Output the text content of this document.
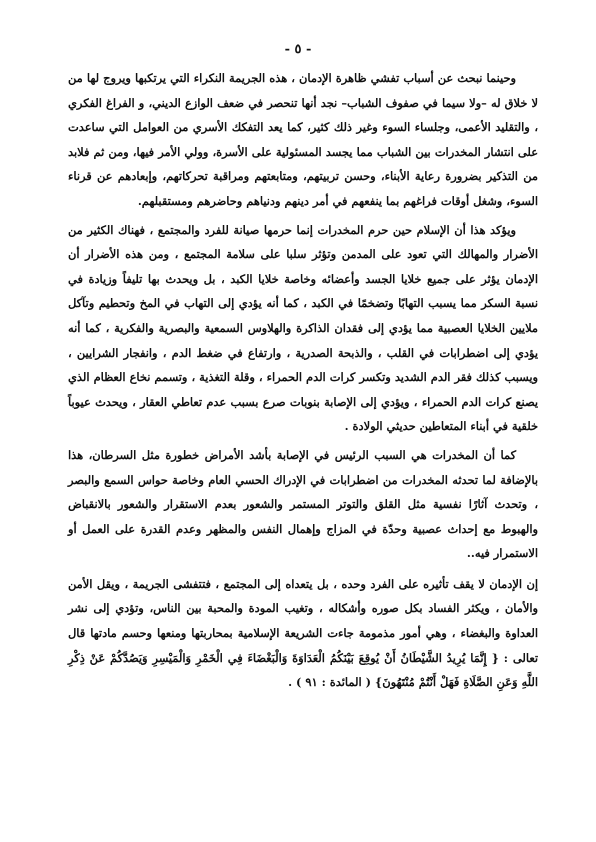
- ٥ -

وحينما نبحث عن أسباب تفشي ظاهرة الإدمان ، هذه الجريمة النكراء التي يرتكبها ويروج لها من لا خلاق له –ولا سيما في صفوف الشباب– نجد أنها تنحصر في ضعف الوازع الديني، و الفراغ الفكري ، والتقليد الأعمى، وجلساء السوء وغير ذلك كثير، كما يعد التفكك الأسري من العوامل التي ساعدت على انتشار المخدرات بين الشباب مما يجسد المسئولية على الأسرة، وولي الأمر فيها، ومن ثم فلابد من التذكير بضرورة رعاية الأبناء، وحسن تربيتهم، ومتابعتهم ومراقبة تحركاتهم، وإبعادهم عن قرناء السوء، وشغل أوقات فراغهم بما ينفعهم في أمر دينهم ودنياهم وحاضرهم ومستقبلهم.

ويؤكد هذا أن الإسلام حين حرم المخدرات إنما حرمها صيانة للفرد والمجتمع ، فهناك الكثير من الأضرار والمهالك التي تعود على المدمن وتؤثر سلبا على سلامة المجتمع ، ومن هذه الأضرار أن الإدمان يؤثر على جميع خلايا الجسد وأعضائه وخاصة خلايا الكبد ، بل ويحدث بها تليفاً وزيادة في نسبة السكر مما يسبب التهابًا وتضخمًا في الكبد ، كما أنه يؤدي إلى التهاب في المخ وتحطيم وتآكل ملايين الخلايا العصبية مما يؤدي إلى فقدان الذاكرة والهلاوس السمعية والبصرية والفكرية ، كما أنه يؤدي إلى اضطرابات في القلب ، والذبحة الصدرية ، وارتفاع في ضغط الدم ، وانفجار الشرايين ، ويسبب كذلك فقر الدم الشديد وتكسر كرات الدم الحمراء ، وقلة التغذية ، وتسمم نخاع العظام الذي يصنع كرات الدم الحمراء ، ويؤدي إلى الإصابة بنوبات صرع بسبب عدم تعاطي العقار ، ويحدث عيوباً خلقية في أبناء المتعاطين حديثي الولادة .

كما أن المخدرات هي السبب الرئيس في الإصابة بأشد الأمراض خطورة مثل السرطان، هذا بالإضافة لما تحدثه المخدرات من اضطرابات في الإدراك الحسي العام وخاصة حواس السمع والبصر ، وتحدث آثارًا نفسية مثل القلق والتوتر المستمر والشعور بعدم الاستقرار والشعور بالانقباض والهبوط مع إحداث عصبية وحدّة في المزاج وإهمال النفس والمظهر وعدم القدرة على العمل أو الاستمرار فيه..

إن الإدمان لا يقف تأثيره على الفرد وحده ، بل يتعداه إلى المجتمع ، فتتفشى الجريمة ، ويقل الأمن والأمان ، ويكثر الفساد بكل صوره وأشكاله ، وتغيب المودة والمحبة بين الناس، وتؤدي إلى نشر العداوة والبغضاء ، وهي أمور مذمومة جاءت الشريعة الإسلامية بمحاربتها ومنعها وحسم مادتها قال تعالى : { إِنَّمَا يُرِيدُ الشَّيْطَانُ أَنْ يُوقِعَ بَيْنَكُمُ الْعَدَاوَةَ وَالْبَغْضَاءَ فِي الْخَمْرِ وَالْمَيْسِرِ وَيَصُدَّكُمْ عَنْ ذِكْرِ اللَّهِ وَعَنِ الصَّلَاةِ فَهَلْ أَنْتُمْ مُنْتَهُونَ} ( المائدة : ٩١ ) .
